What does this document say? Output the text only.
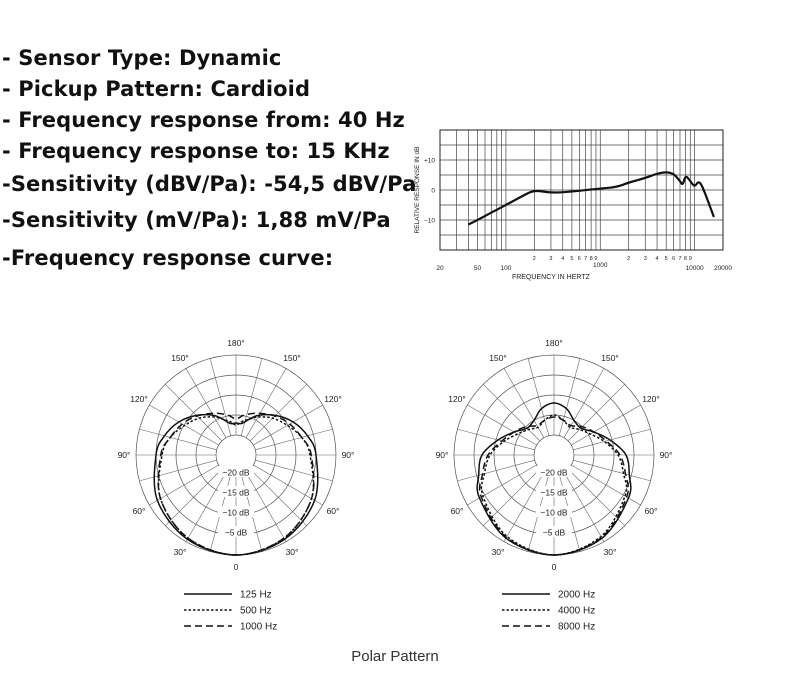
- Sensor Type: Dynamic
- Pickup Pattern: Cardioid
- Frequency response from: 40 Hz
- Frequency response to: 15 KHz
-Sensitivity (dBV/Pa): -54,5 dBV/Pa
-Sensitivity (mV/Pa): 1,88 mV/Pa
-Frequency response curve:
+10
0
−10
RELATIVE RESPONSE IN dB
2 3 4 5 6 7 8 9	2 3 4 5 6 7 8 9
20	50	100	1000	10000 20000
FREQUENCY IN HERTZ
180°
150°	150°
120°	120°
90°	90°
60°	60°
30°	30°
0
−20 dB
−15 dB
−10 dB
−5 dB
125 Hz
500 Hz
1000 Hz
180°
150°	150°
120°	120°
90°	90°
60°	60°
30°	30°
0
−20 dB
−15 dB
−10 dB
−5 dB
2000 Hz
4000 Hz
8000 Hz
Polar Pattern
